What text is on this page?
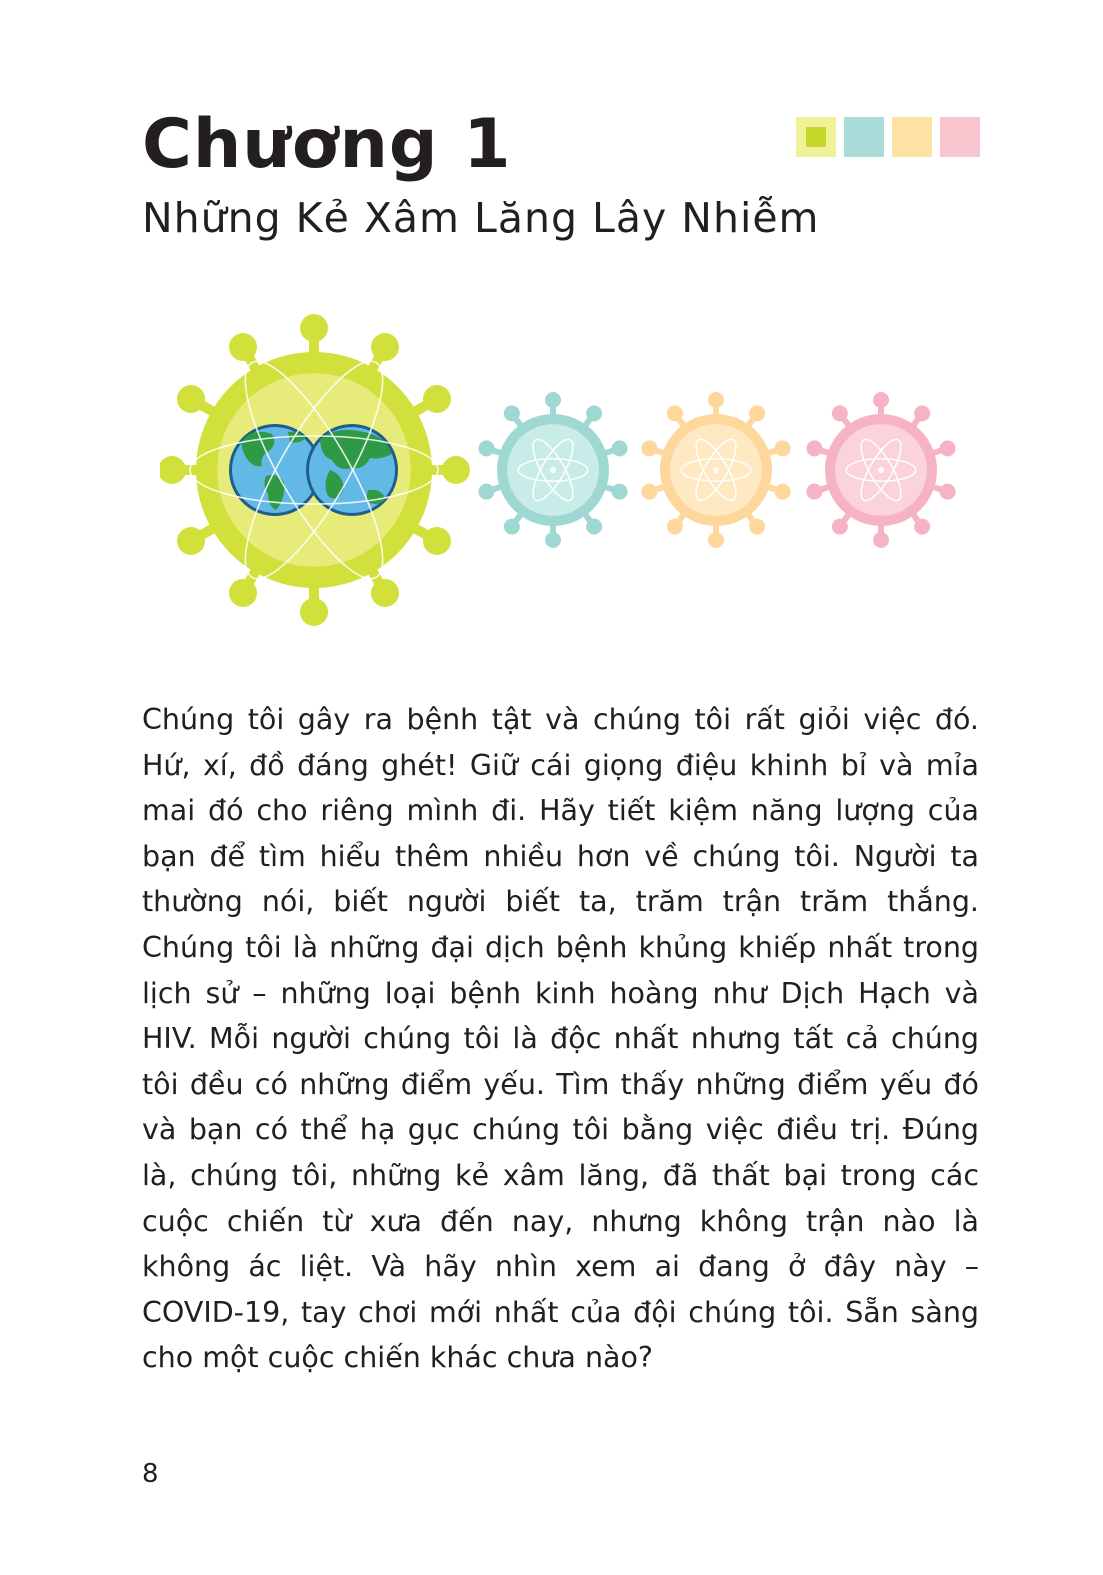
Chương 1
Những Kẻ Xâm Lăng Lây Nhiễm

Chúng tôi gây ra bệnh tật và chúng tôi rất giỏi việc đó. Hứ, xí, đồ đáng ghét! Giữ cái giọng điệu khinh bỉ và mỉa mai đó cho riêng mình đi. Hãy tiết kiệm năng lượng của bạn để tìm hiểu thêm nhiều hơn về chúng tôi. Người ta thường nói, biết người biết ta, trăm trận trăm thắng. Chúng tôi là những đại dịch bệnh khủng khiếp nhất trong lịch sử – những loại bệnh kinh hoàng như Dịch Hạch và HIV. Mỗi người chúng tôi là độc nhất nhưng tất cả chúng tôi đều có những điểm yếu. Tìm thấy những điểm yếu đó và bạn có thể hạ gục chúng tôi bằng việc điều trị. Đúng là, chúng tôi, những kẻ xâm lăng, đã thất bại trong các cuộc chiến từ xưa đến nay, nhưng không trận nào là không ác liệt. Và hãy nhìn xem ai đang ở đây này – COVID-19, tay chơi mới nhất của đội chúng tôi. Sẵn sàng cho một cuộc chiến khác chưa nào?

8
